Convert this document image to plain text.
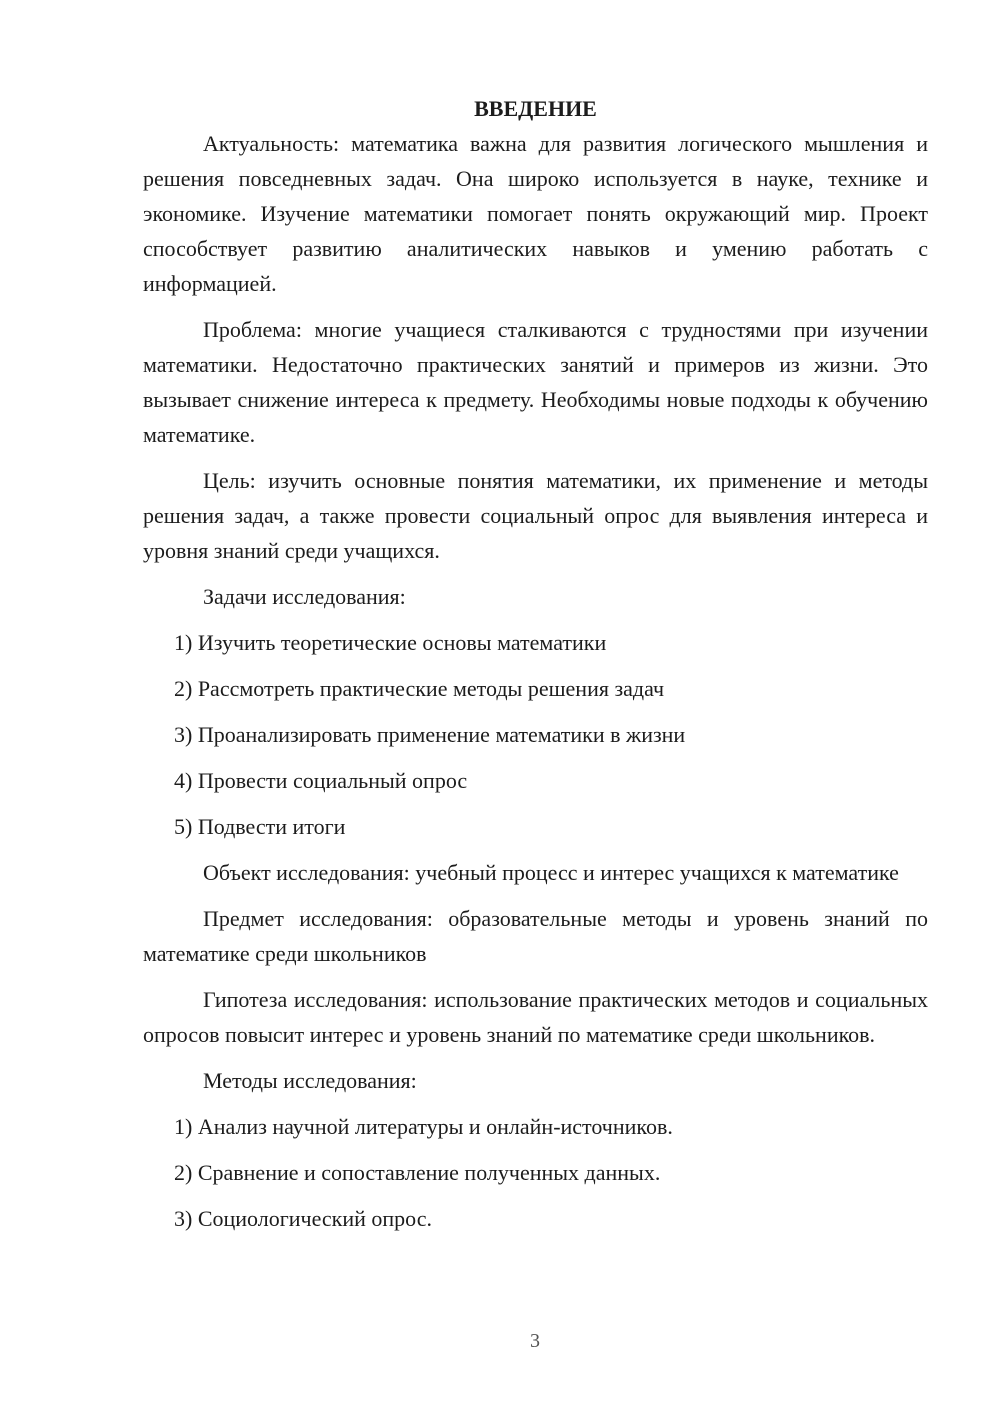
ВВЕДЕНИЕ

Актуальность: математика важна для развития логического мышления и решения повседневных задач. Она широко используется в науке, технике и экономике. Изучение математики помогает понять окружающий мир. Проект способствует развитию аналитических навыков и умению работать с информацией.

Проблема: многие учащиеся сталкиваются с трудностями при изучении математики. Недостаточно практических занятий и примеров из жизни. Это вызывает снижение интереса к предмету. Необходимы новые подходы к обучению математике.

Цель: изучить основные понятия математики, их применение и методы решения задач, а также провести социальный опрос для выявления интереса и уровня знаний среди учащихся.

Задачи исследования:

1) Изучить теоретические основы математики
2) Рассмотреть практические методы решения задач
3) Проанализировать применение математики в жизни
4) Провести социальный опрос
5) Подвести итоги

Объект исследования: учебный процесс и интерес учащихся к математике

Предмет исследования: образовательные методы и уровень знаний по математике среди школьников

Гипотеза исследования: использование практических методов и социальных опросов повысит интерес и уровень знаний по математике среди школьников.

Методы исследования:

1) Анализ научной литературы и онлайн-источников.
2) Сравнение и сопоставление полученных данных.
3) Социологический опрос.
3
